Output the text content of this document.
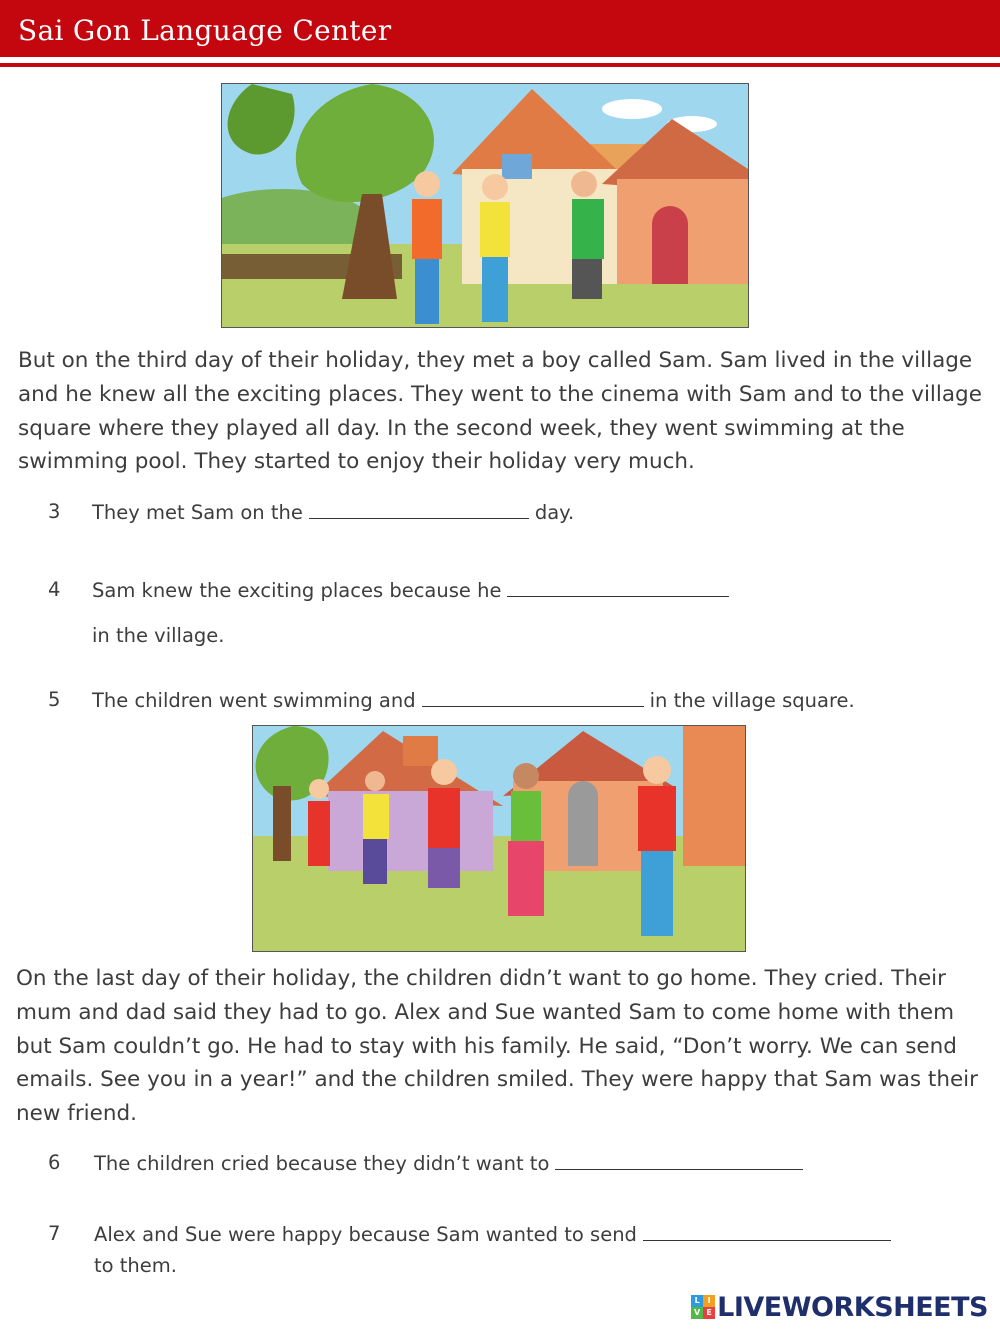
Sai Gon Language Center
But on the third day of their holiday, they met a boy called Sam. Sam lived in the village and he knew all the exciting places. They went to the cinema with Sam and to the village square where they played all day. In the second week, they went swimming at the swimming pool. They started to enjoy their holiday very much.
3 They met Sam on the	day.
4 Sam knew the exciting places because he
in the village.
5 The children went swimming and	in the village square.
On the last day of their holiday, the children didn’t want to go home. They cried. Their mum and dad said they had to go. Alex and Sue wanted Sam to come home with them but Sam couldn’t go. He had to stay with his family. He said, “Don’t worry. We can send emails. See you in a year!” and the children smiled. They were happy that Sam was their new friend.
6 The children cried because they didn’t want to
7 Alex and Sue were happy because Sam wanted to send
to them.
L I
V E LIVEWORKSHEETS
